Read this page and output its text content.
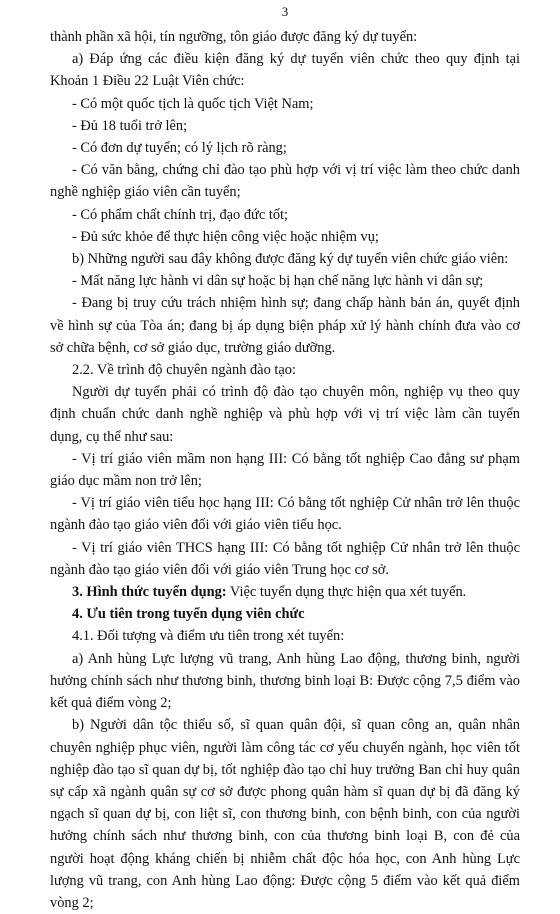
3

thành phần xã hội, tín ngưỡng, tôn giáo được đăng ký dự tuyển:

a) Đáp ứng các điều kiện đăng ký dự tuyển viên chức theo quy định tại Khoản 1 Điều 22 Luật Viên chức:

- Có một quốc tịch là quốc tịch Việt Nam;

- Đủ 18 tuổi trở lên;

- Có đơn dự tuyển; có lý lịch rõ ràng;

- Có văn bằng, chứng chỉ đào tạo phù hợp với vị trí việc làm theo chức danh nghề nghiệp giáo viên cần tuyển;

- Có phẩm chất chính trị, đạo đức tốt;

- Đủ sức khỏe để thực hiện công việc hoặc nhiệm vụ;

b) Những người sau đây không được đăng ký dự tuyển viên chức giáo viên:

- Mất năng lực hành vi dân sự hoặc bị hạn chế năng lực hành vi dân sự;

- Đang bị truy cứu trách nhiệm hình sự; đang chấp hành bản án, quyết định về hình sự của Tòa án; đang bị áp dụng biện pháp xử lý hành chính đưa vào cơ sở chữa bệnh, cơ sở giáo dục, trường giáo dưỡng.

2.2. Về trình độ chuyên ngành đào tạo:

Người dự tuyển phải có trình độ đào tạo chuyên môn, nghiệp vụ theo quy định chuẩn chức danh nghề nghiệp và phù hợp với vị trí việc làm cần tuyển dụng, cụ thể như sau:

- Vị trí giáo viên mầm non hạng III: Có bằng tốt nghiệp Cao đẳng sư phạm giáo dục mầm non trở lên;

- Vị trí giáo viên tiểu học hạng III: Có bằng tốt nghiệp Cử nhân trở lên thuộc ngành đào tạo giáo viên đối với giáo viên tiểu học.

- Vị trí giáo viên THCS hạng III: Có bằng tốt nghiệp Cử nhân trở lên thuộc ngành đào tạo giáo viên đối với giáo viên Trung học cơ sở.

3. Hình thức tuyển dụng: Việc tuyển dụng thực hiện qua xét tuyển.

4. Ưu tiên trong tuyển dụng viên chức

4.1. Đối tượng và điểm ưu tiên trong xét tuyển:

a) Anh hùng Lực lượng vũ trang, Anh hùng Lao động, thương binh, người hưởng chính sách như thương binh, thương binh loại B: Được cộng 7,5 điểm vào kết quả điểm vòng 2;

b) Người dân tộc thiểu số, sĩ quan quân đội, sĩ quan công an, quân nhân chuyên nghiệp phục viên, người làm công tác cơ yếu chuyển ngành, học viên tốt nghiệp đào tạo sĩ quan dự bị, tốt nghiệp đào tạo chỉ huy trưởng Ban chỉ huy quân sự cấp xã ngành quân sự cơ sở được phong quân hàm sĩ quan dự bị đã đăng ký ngạch sĩ quan dự bị, con liệt sĩ, con thương binh, con bệnh binh, con của người hưởng chính sách như thương binh, con của thương binh loại B, con đẻ của người hoạt động kháng chiến bị nhiễm chất độc hóa học, con Anh hùng Lực lượng vũ trang, con Anh hùng Lao động: Được cộng 5 điểm vào kết quả điểm vòng 2;
